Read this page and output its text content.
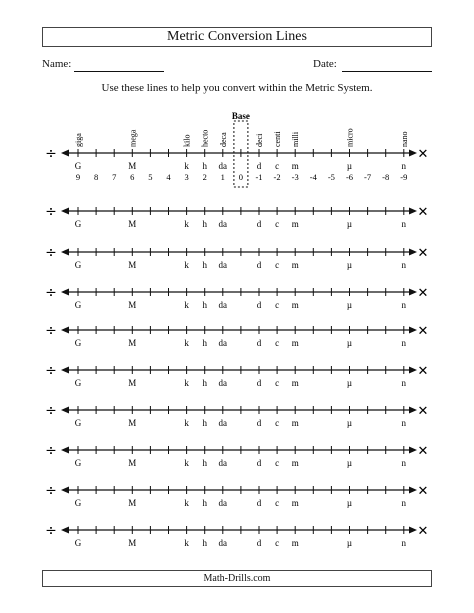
Metric Conversion Lines
Name:	Date:
Use these lines to help you convert within the Metric System.
Base
giga	mega	kilo hecto deca	deci centi milli	micro	nano
÷	✕
G	M	k h da	d c m	µ	n
9 8 7 6 5 4 3 2 1 0 -1 -2 -3 -4 -5 -6 -7 -8 -9
÷	✕
G	M	k h da	d c m	µ	n
÷	✕
G	M	k h da	d c m	µ	n
÷	✕
G	M	k h da	d c m	µ	n
÷	✕
G	M	k h da	d c m	µ	n
÷	✕
G	M	k h da	d c m	µ	n
÷	✕
G	M	k h da	d c m	µ	n
÷	✕
G	M	k h da	d c m	µ	n
÷	✕
G	M	k h da	d c m	µ	n
÷	✕
G	M	k h da	d c m	µ	n
Math-Drills.com
